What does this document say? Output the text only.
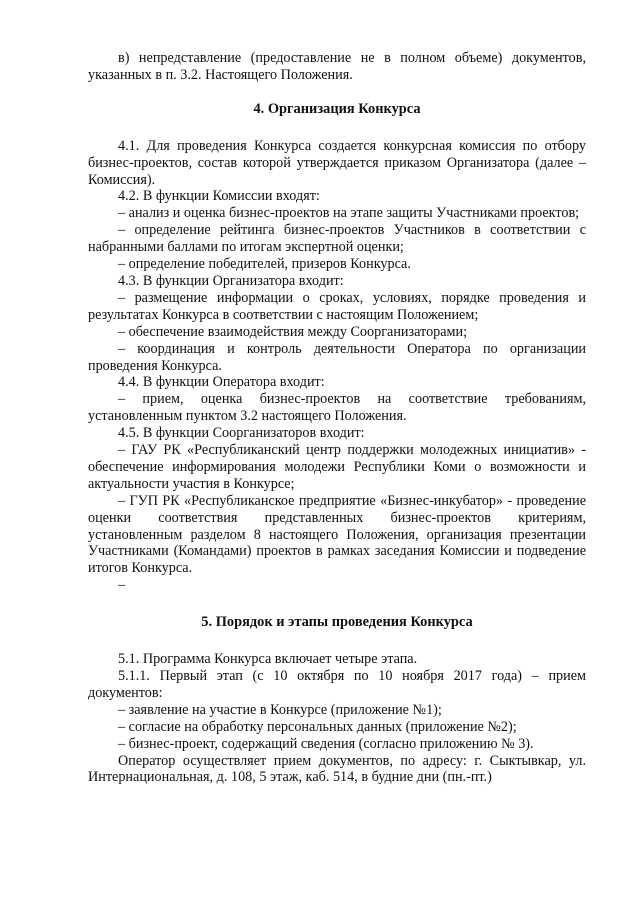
в) непредставление (предоставление не в полном объеме) документов, указанных в п. 3.2. Настоящего Положения.

4. Организация Конкурса

4.1. Для проведения Конкурса создается конкурсная комиссия по отбору бизнес-проектов, состав которой утверждается приказом Организатора (далее – Комиссия).

4.2. В функции Комиссии входят:

– анализ и оценка бизнес-проектов на этапе защиты Участниками проектов;

– определение рейтинга бизнес-проектов Участников в соответствии с набранными баллами по итогам экспертной оценки;

– определение победителей, призеров Конкурса.

4.3. В функции Организатора входит:

– размещение информации о сроках, условиях, порядке проведения и результатах Конкурса в соответствии с настоящим Положением;

– обеспечение взаимодействия между Соорганизаторами;

– координация и контроль деятельности Оператора по организации проведения Конкурса.

4.4. В функции Оператора входит:

– прием, оценка бизнес-проектов на соответствие требованиям, установленным пунктом 3.2 настоящего Положения.

4.5. В функции Соорганизаторов входит:

– ГАУ РК «Республиканский центр поддержки молодежных инициатив» - обеспечение информирования молодежи Республики Коми о возможности и актуальности участия в Конкурсе;

– ГУП РК «Республиканское предприятие «Бизнес-инкубатор» - проведение оценки соответствия представленных бизнес-проектов критериям, установленным разделом 8 настоящего Положения, организация презентации Участниками (Командами) проектов в рамках заседания Комиссии и подведение итогов Конкурса.

–

5. Порядок и этапы проведения Конкурса

5.1. Программа Конкурса включает четыре этапа.

5.1.1. Первый этап (с 10 октября по 10 ноября 2017 года) – прием документов:

– заявление на участие в Конкурсе (приложение №1);

– согласие на обработку персональных данных (приложение №2);

– бизнес-проект, содержащий сведения (согласно приложению № 3).

Оператор осуществляет прием документов, по адресу: г. Сыктывкар, ул. Интернациональная, д. 108, 5 этаж, каб. 514, в будние дни (пн.-пт.)
